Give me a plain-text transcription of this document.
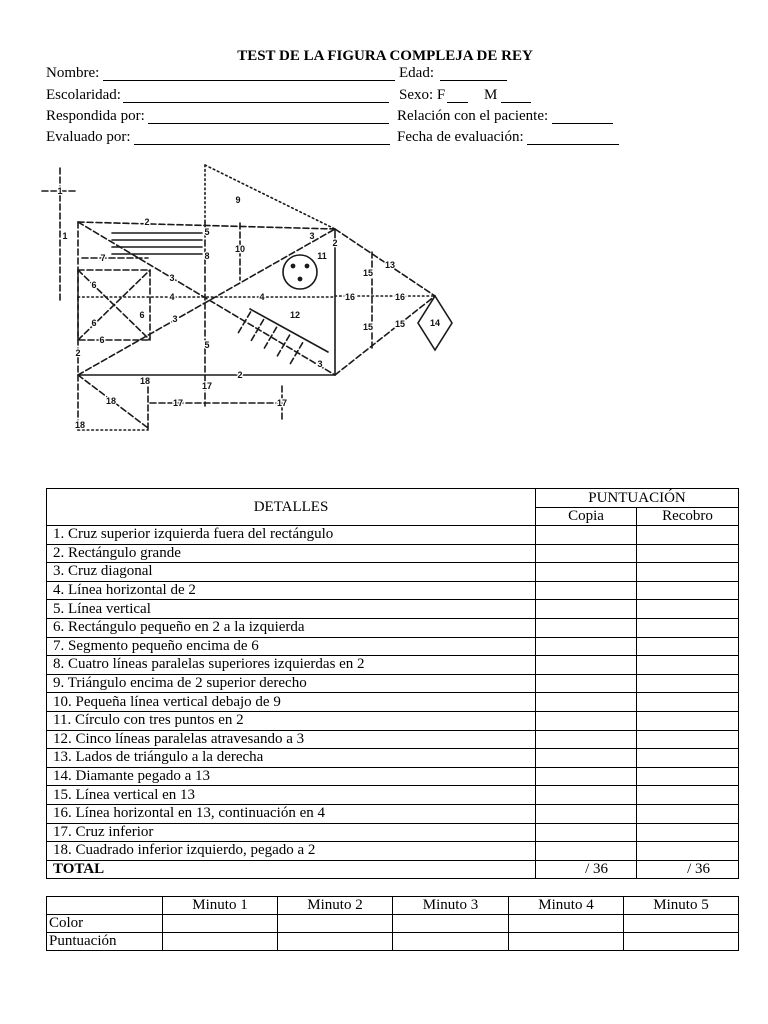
TEST DE LA FIGURA COMPLEJA DE REY
Nombre:	Edad:
Escolaridad:	Sexo: F	M
Respondida por:	Relación con el paciente:
Evaluado por:	Fecha de evaluación:
1
1
2
9
5
10
3
2
11
7	8
3	15
13
6
4	4	16	16
6
6	3	12
14
15 15
6	5
2
3
2
18	17
18	17	17
18
DETALLES	PUNTUACIÓN	
	Copia	Recobro
1. Cruz superior izquierda fuera del rectángulo		
2. Rectángulo grande		
3. Cruz diagonal		
4. Línea horizontal de 2		
5. Línea vertical		
6. Rectángulo pequeño en 2 a la izquierda		
7. Segmento pequeño encima de 6		
8. Cuatro líneas paralelas superiores izquierdas en 2		
9. Triángulo encima de 2 superior derecho		
10. Pequeña línea vertical debajo de 9		
11. Círculo con tres puntos en 2		
12. Cinco líneas paralelas atravesando a 3		
13. Lados de triángulo a la derecha		
14. Diamante pegado a 13		
15. Línea vertical en 13		
16. Línea horizontal en 13, continuación en 4		
17. Cruz inferior		
18. Cuadrado inferior izquierdo, pegado a 2		
TOTAL	/ 36	/ 36
	Minuto 1	Minuto 2	Minuto 3	Minuto 4	Minuto 5
Color					
Puntuación					
